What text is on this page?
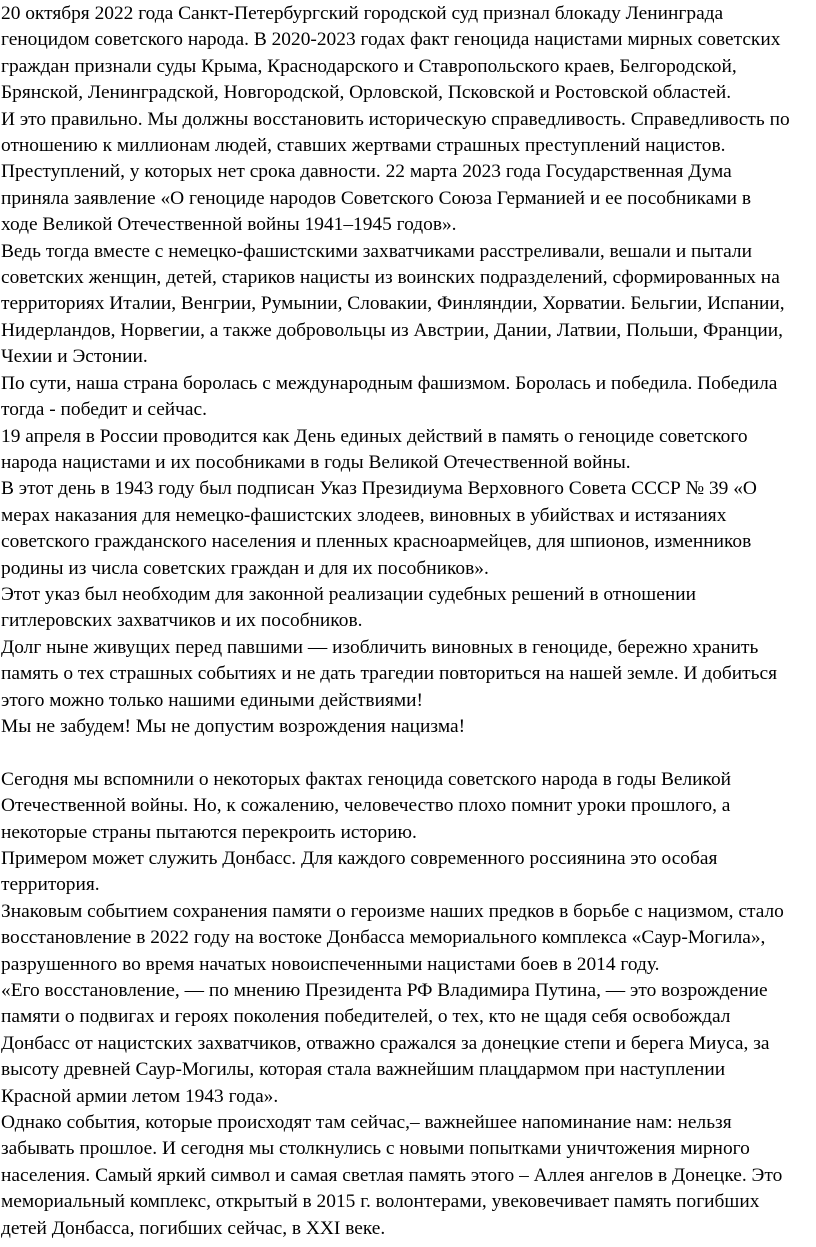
20 октября 2022 года Санкт-Петербургский городской суд признал блокаду Ленинграда
геноцидом советского народа. В 2020-2023 годах факт геноцида нацистами мирных советских
граждан признали суды Крыма, Краснодарского и Ставропольского краев, Белгородской,
Брянской, Ленинградской, Новгородской, Орловской, Псковской и Ростовской областей.

И это правильно. Мы должны восстановить историческую справедливость. Справедливость по
отношению к миллионам людей, ставших жертвами страшных преступлений нацистов.
Преступлений, у которых нет срока давности. 22 марта 2023 года Государственная Дума
приняла заявление «О геноциде народов Советского Союза Германией и ее пособниками в
ходе Великой Отечественной войны 1941–1945 годов».

Ведь тогда вместе с немецко-фашистскими захватчиками расстреливали, вешали и пытали
советских женщин, детей, стариков нацисты из воинских подразделений, сформированных на
территориях Италии, Венгрии, Румынии, Словакии, Финляндии, Хорватии. Бельгии, Испании,
Нидерландов, Норвегии, а также добровольцы из Австрии, Дании, Латвии, Польши, Франции,
Чехии и Эстонии.

По сути, наша страна боролась с международным фашизмом. Боролась и победила. Победила
тогда - победит и сейчас.

19 апреля в России проводится как День единых действий в память о геноциде советского
народа нацистами и их пособниками в годы Великой Отечественной войны.

В этот день в 1943 году был подписан Указ Президиума Верховного Совета СССР № 39 «О
мерах наказания для немецко-фашистских злодеев, виновных в убийствах и истязаниях
советского гражданского населения и пленных красноармейцев, для шпионов, изменников
родины из числа советских граждан и для их пособников».

Этот указ был необходим для законной реализации судебных решений в отношении
гитлеровских захватчиков и их пособников.

Долг ныне живущих перед павшими — изобличить виновных в геноциде, бережно хранить
память о тех страшных событиях и не дать трагедии повториться на нашей земле. И добиться
этого можно только нашими едиными действиями!

Мы не забудем! Мы не допустим возрождения нацизма!

Сегодня мы вспомнили о некоторых фактах геноцида советского народа в годы Великой
Отечественной войны. Но, к сожалению, человечество плохо помнит уроки прошлого, а
некоторые страны пытаются перекроить историю.

Примером может служить Донбасс. Для каждого современного россиянина это особая
территория.

Знаковым событием сохранения памяти о героизме наших предков в борьбе с нацизмом, стало
восстановление в 2022 году на востоке Донбасса мемориального комплекса «Саур-Могила»,
разрушенного во время начатых новоиспеченными нацистами боев в 2014 году.

«Его восстановление, — по мнению Президента РФ Владимира Путина, — это возрождение
памяти о подвигах и героях поколения победителей, о тех, кто не щадя себя освобождал
Донбасс от нацистских захватчиков, отважно сражался за донецкие степи и берега Миуса, за
высоту древней Саур-Могилы, которая стала важнейшим плацдармом при наступлении
Красной армии летом 1943 года».

Однако события, которые происходят там сейчас,– важнейшее напоминание нам: нельзя
забывать прошлое. И сегодня мы столкнулись с новыми попытками уничтожения мирного
населения. Самый яркий символ и самая светлая память этого – Аллея ангелов в Донецке. Это
мемориальный комплекс, открытый в 2015 г. волонтерами, увековечивает память погибших
детей Донбасса, погибших сейчас, в XXI веке.
